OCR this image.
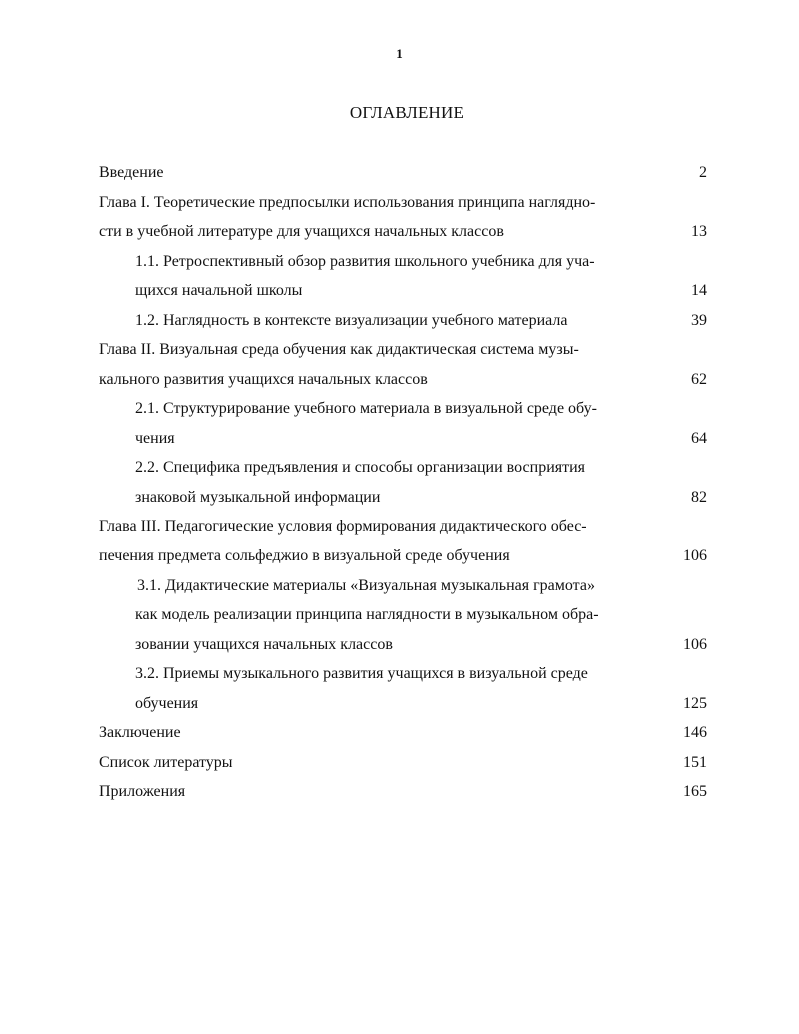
1
ОГЛАВЛЕНИЕ
Введение	2
Глава I. Теоретические предпосылки использования принципа нагляднo-
сти в учебной литературе для учащихся начальных классов	13
1.1. Ретроспективный обзор развития школьного учебника для уча-
щихся начальной школы	14
1.2. Наглядность в контексте визуализации учебного материала	39
Глава II. Визуальная среда обучения как дидактическая система музы-
кального развития учащихся начальных классов	62
2.1. Структурирование учебного материала в визуальной среде обу-
чения	64
2.2. Специфика предъявления и способы организации восприятия
знаковой музыкальной информации	82
Глава III. Педагогические условия формирования дидактического обес-
печения предмета сольфеджио в визуальной среде обучения	106
3.1. Дидактические материалы «Визуальная музыкальная грамота»
как модель реализации принципа наглядности в музыкальном обра-
зовании учащихся начальных классов	106
3.2. Приемы музыкального развития учащихся в визуальной среде
обучения	125
Заключение	146
Список литературы	151
Приложения	165
